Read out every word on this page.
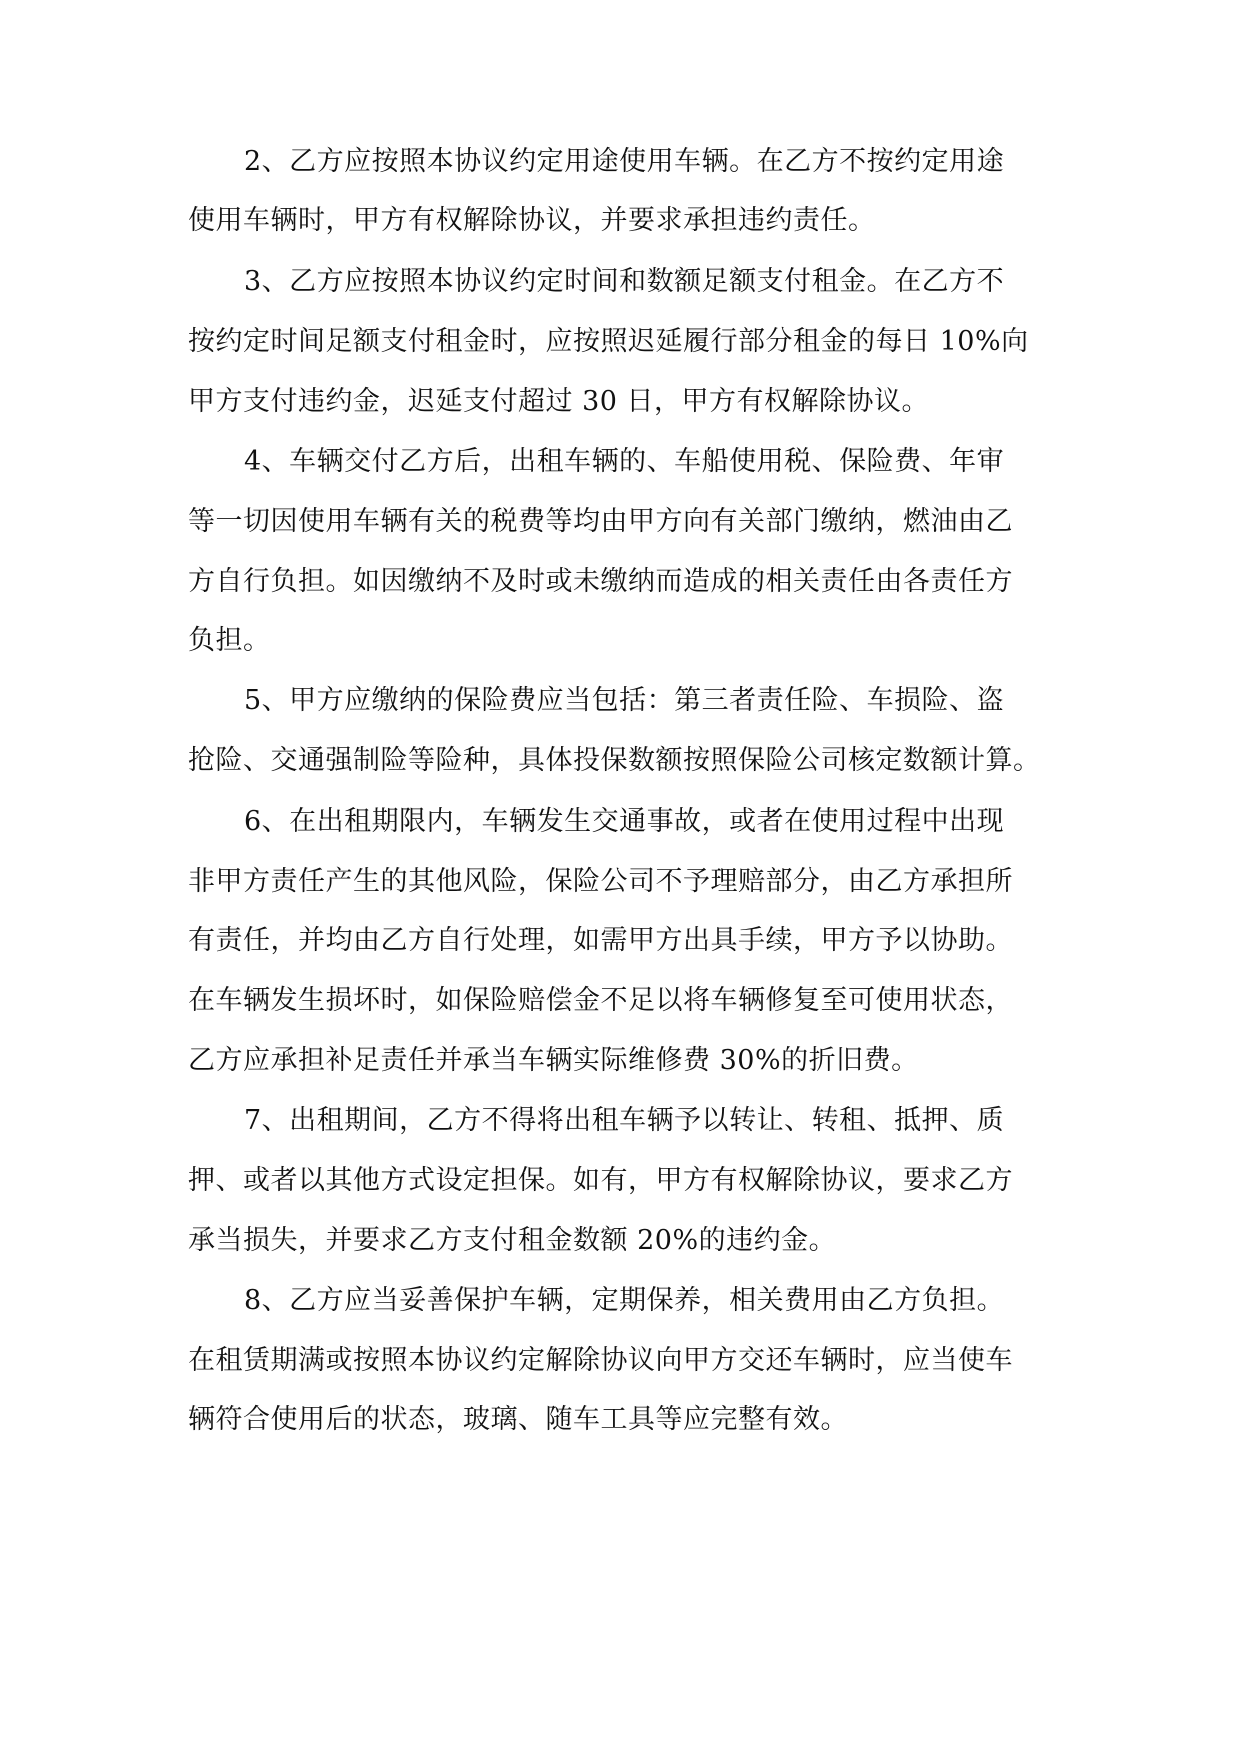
2、乙方应按照本协议约定用途使用车辆。在乙方不按约定用途
使用车辆时，甲方有权解除协议，并要求承担违约责任。
3、乙方应按照本协议约定时间和数额足额支付租金。在乙方不
按约定时间足额支付租金时，应按照迟延履行部分租金的每日 10%向
甲方支付违约金，迟延支付超过 30 日，甲方有权解除协议。
4、车辆交付乙方后，出租车辆的、车船使用税、保险费、年审
等一切因使用车辆有关的税费等均由甲方向有关部门缴纳，燃油由乙
方自行负担。如因缴纳不及时或未缴纳而造成的相关责任由各责任方
负担。
5、甲方应缴纳的保险费应当包括：第三者责任险、车损险、盗
抢险、交通强制险等险种，具体投保数额按照保险公司核定数额计算。
6、在出租期限内，车辆发生交通事故，或者在使用过程中出现
非甲方责任产生的其他风险，保险公司不予理赔部分，由乙方承担所
有责任，并均由乙方自行处理，如需甲方出具手续，甲方予以协助。
在车辆发生损坏时，如保险赔偿金不足以将车辆修复至可使用状态，
乙方应承担补足责任并承当车辆实际维修费 30%的折旧费。
7、出租期间，乙方不得将出租车辆予以转让、转租、抵押、质
押、或者以其他方式设定担保。如有，甲方有权解除协议，要求乙方
承当损失，并要求乙方支付租金数额 20%的违约金。
8、乙方应当妥善保护车辆，定期保养，相关费用由乙方负担。
在租赁期满或按照本协议约定解除协议向甲方交还车辆时，应当使车
辆符合使用后的状态，玻璃、随车工具等应完整有效。
